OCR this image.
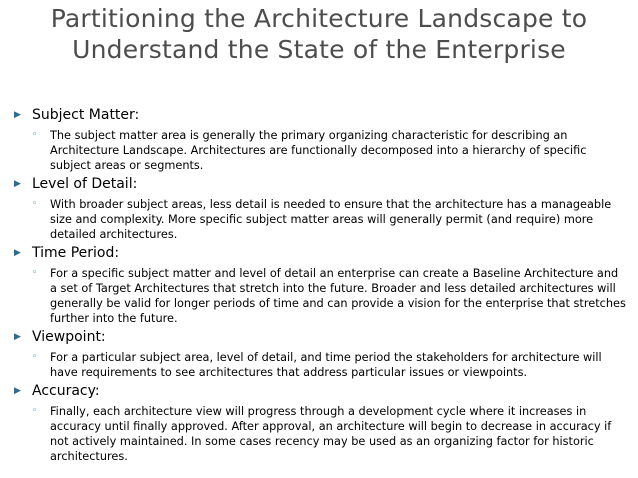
Partitioning the Architecture Landscape to
Understand the State of the Enterprise
▶ Subject Matter:
◦	The subject matter area is generally the primary organizing characteristic for describing an Architecture Landscape. Architectures are functionally decomposed into a hierarchy of specific subject areas or segments.
▶ Level of Detail:
◦	With broader subject areas, less detail is needed to ensure that the architecture has a manageable size and complexity. More specific subject matter areas will generally permit (and require) more detailed architectures.
▶ Time Period:
◦	For a specific subject matter and level of detail an enterprise can create a Baseline Architecture and a set of Target Architectures that stretch into the future. Broader and less detailed architectures will generally be valid for longer periods of time and can provide a vision for the enterprise that stretches further into the future.
▶ Viewpoint:
◦	For a particular subject area, level of detail, and time period the stakeholders for architecture will have requirements to see architectures that address particular issues or viewpoints.
▶ Accuracy:
◦	Finally, each architecture view will progress through a development cycle where it increases in accuracy until finally approved. After approval, an architecture will begin to decrease in accuracy if not actively maintained. In some cases recency may be used as an organizing factor for historic architectures.
